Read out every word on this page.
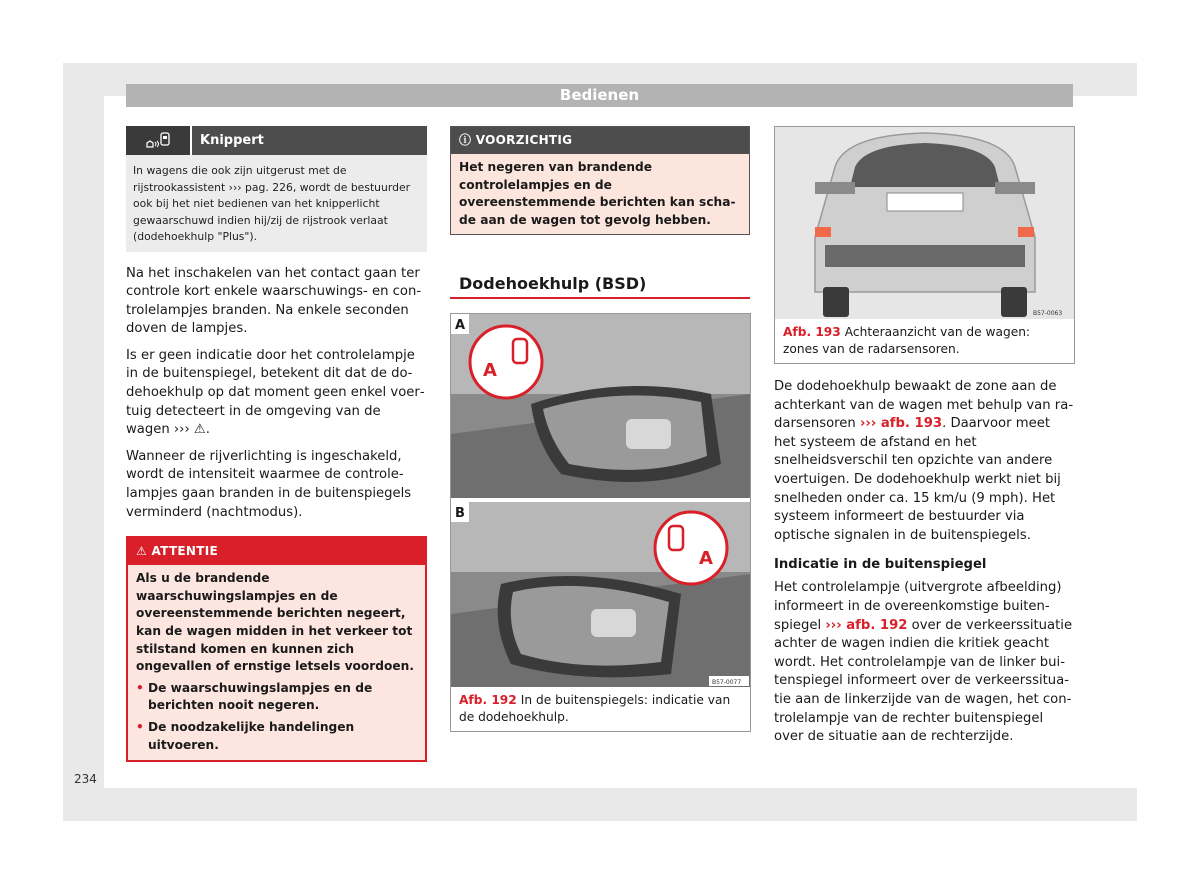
Bedienen
Knippert
In wagens die ook zijn uitgerust met de rijstrookassistent ››› pag. 226, wordt de bestuurder ook bij het niet bedienen van het knipperlicht gewaarschuwd indien hij/zij de rijstrook verlaat (dodehoekhulp "Plus").

Na het inschakelen van het contact gaan ter controle kort enkele waarschuwings- en controlelampjes branden. Na enkele seconden doven de lampjes.

Is er geen indicatie door het controlelampje in de buitenspiegel, betekent dit dat de dodehoekhulp op dat moment geen enkel voertuig detecteert in de omgeving van de wagen ››› ⚠.

Wanneer de rijverlichting is ingeschakeld, wordt de intensiteit waarmee de controlelampjes gaan branden in de buitenspiegels verminderd (nachtmodus).

⚠ ATTENTIE
Als u de brandende waarschuwingslampjes en de overeenstemmende berichten negeert, kan de wagen midden in het verkeer tot stilstand komen en kunnen zich ongevallen of ernstige letsels voordoen.
• De waarschuwingslampjes en de berichten nooit negeren.
• De noodzakelijke handelingen uitvoeren.
ⓘ VOORZICHTIG
Het negeren van brandende controlelampjes en de overeenstemmende berichten kan schade aan de wagen tot gevolg hebben.
Dodehoekhulp (BSD)
A
A
A
B
B57-0077
Afb. 192 In de buitenspiegels: indicatie van de dodehoekhulp.
B57-0063
Afb. 193 Achteraanzicht van de wagen: zones van de radarsensoren.

De dodehoekhulp bewaakt de zone aan de achterkant van de wagen met behulp van radarsensoren ››› afb. 193. Daarvoor meet het systeem de afstand en het snelheidsverschil ten opzichte van andere voertuigen. De dodehoekhulp werkt niet bij snelheden onder ca. 15 km/u (9 mph). Het systeem informeert de bestuurder via optische signalen in de buitenspiegels.

Indicatie in de buitenspiegel

Het controlelampje (uitvergrote afbeelding) informeert in de overeenkomstige buitenspiegel ››› afb. 192 over de verkeerssituatie achter de wagen indien die kritiek geacht wordt. Het controlelampje van de linker buitenspiegel informeert over de verkeerssituatie aan de linkerzijde van de wagen, het controlelampje van de rechter buitenspiegel over de situatie aan de rechterzijde.

234
